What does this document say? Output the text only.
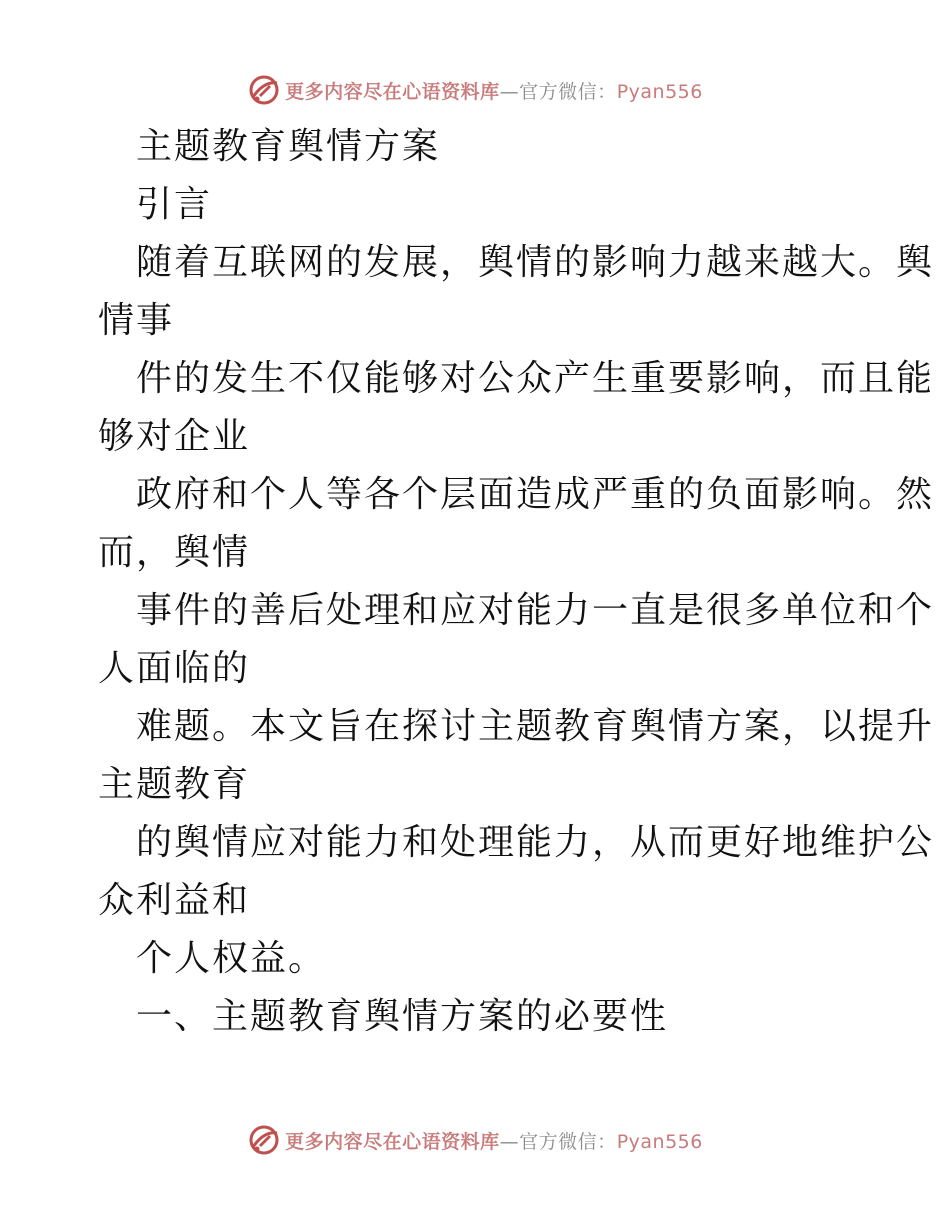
更多内容尽在心语资料库—官方微信：Pyan556
主题教育舆情方案
引言
随着互联网的发展，舆情的影响力越来越大。舆
情事
件的发生不仅能够对公众产生重要影响，而且能
够对企业
政府和个人等各个层面造成严重的负面影响。然
而，舆情
事件的善后处理和应对能力一直是很多单位和个
人面临的
难题。本文旨在探讨主题教育舆情方案，以提升
主题教育
的舆情应对能力和处理能力，从而更好地维护公
众利益和
个人权益。
一、主题教育舆情方案的必要性
更多内容尽在心语资料库—官方微信：Pyan556
